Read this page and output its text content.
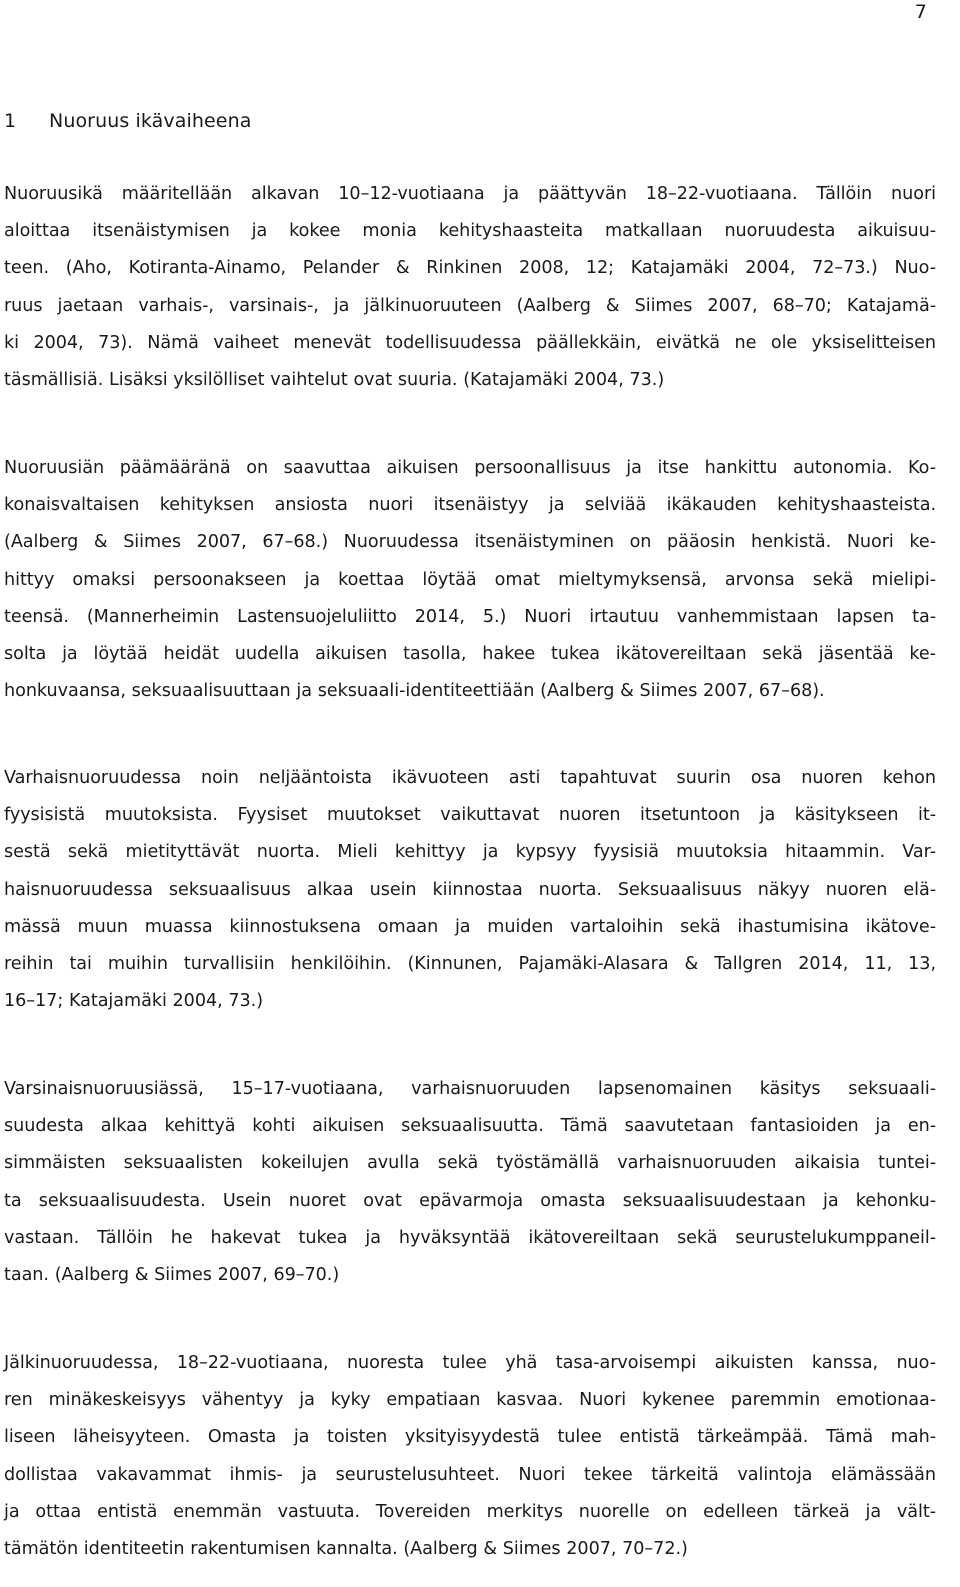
7
1 Nuoruus ikävaiheena

Nuoruusikä määritellään alkavan 10–12-vuotiaana ja päättyvän 18–22-vuotiaana. Tällöin nuori
aloittaa itsenäistymisen ja kokee monia kehityshaasteita matkallaan nuoruudesta aikuisuu-
teen. (Aho, Kotiranta-Ainamo, Pelander & Rinkinen 2008, 12; Katajamäki 2004, 72–73.) Nuo-
ruus jaetaan varhais-, varsinais-, ja jälkinuoruuteen (Aalberg & Siimes 2007, 68–70; Katajamä-
ki 2004, 73). Nämä vaiheet menevät todellisuudessa päällekkäin, eivätkä ne ole yksiselitteisen
täsmällisiä. Lisäksi yksilölliset vaihtelut ovat suuria. (Katajamäki 2004, 73.)

Nuoruusiän päämääränä on saavuttaa aikuisen persoonallisuus ja itse hankittu autonomia. Ko-
konaisvaltaisen kehityksen ansiosta nuori itsenäistyy ja selviää ikäkauden kehityshaasteista.
(Aalberg & Siimes 2007, 67–68.) Nuoruudessa itsenäistyminen on pääosin henkistä. Nuori ke-
hittyy omaksi persoonakseen ja koettaa löytää omat mieltymyksensä, arvonsa sekä mielipi-
teensä. (Mannerheimin Lastensuojeluliitto 2014, 5.) Nuori irtautuu vanhemmistaan lapsen ta-
solta ja löytää heidät uudella aikuisen tasolla, hakee tukea ikätovereiltaan sekä jäsentää ke-
honkuvaansa, seksuaalisuuttaan ja seksuaali-identiteettiään (Aalberg & Siimes 2007, 67–68).

Varhaisnuoruudessa noin neljääntoista ikävuoteen asti tapahtuvat suurin osa nuoren kehon
fyysisistä muutoksista. Fyysiset muutokset vaikuttavat nuoren itsetuntoon ja käsitykseen it-
sestä sekä mietityttävät nuorta. Mieli kehittyy ja kypsyy fyysisiä muutoksia hitaammin. Var-
haisnuoruudessa seksuaalisuus alkaa usein kiinnostaa nuorta. Seksuaalisuus näkyy nuoren elä-
mässä muun muassa kiinnostuksena omaan ja muiden vartaloihin sekä ihastumisina ikätove-
reihin tai muihin turvallisiin henkilöihin. (Kinnunen, Pajamäki-Alasara & Tallgren 2014, 11, 13,
16–17; Katajamäki 2004, 73.)

Varsinaisnuoruusiässä, 15–17-vuotiaana, varhaisnuoruuden lapsenomainen käsitys seksuaali-
suudesta alkaa kehittyä kohti aikuisen seksuaalisuutta. Tämä saavutetaan fantasioiden ja en-
simmäisten seksuaalisten kokeilujen avulla sekä työstämällä varhaisnuoruuden aikaisia tuntei-
ta seksuaalisuudesta. Usein nuoret ovat epävarmoja omasta seksuaalisuudestaan ja kehonku-
vastaan. Tällöin he hakevat tukea ja hyväksyntää ikätovereiltaan sekä seurustelukumppaneil-
taan. (Aalberg & Siimes 2007, 69–70.)

Jälkinuoruudessa, 18–22-vuotiaana, nuoresta tulee yhä tasa-arvoisempi aikuisten kanssa, nuo-
ren minäkeskeisyys vähentyy ja kyky empatiaan kasvaa. Nuori kykenee paremmin emotionaa-
liseen läheisyyteen. Omasta ja toisten yksityisyydestä tulee entistä tärkeämpää. Tämä mah-
dollistaa vakavammat ihmis- ja seurustelusuhteet. Nuori tekee tärkeitä valintoja elämässään
ja ottaa entistä enemmän vastuuta. Tovereiden merkitys nuorelle on edelleen tärkeä ja vält-
tämätön identiteetin rakentumisen kannalta. (Aalberg & Siimes 2007, 70–72.)
